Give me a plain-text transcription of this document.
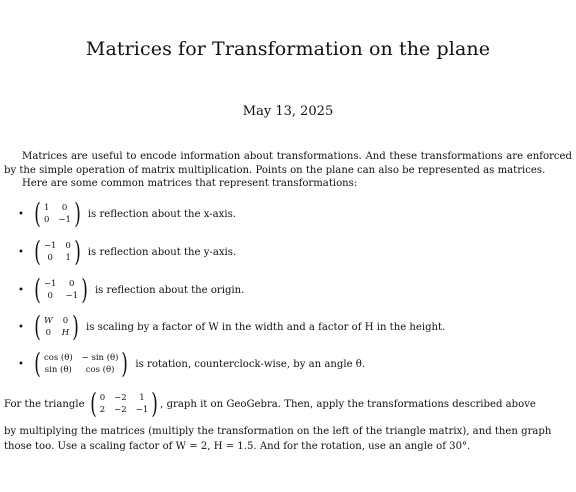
Matrices for Transformation on the plane
May 13, 2025
Matrices are useful to encode information about transformations. And these transformations are enforced by the simple operation of matrix multiplication. Points on the plane can also be represented as matrices.
Here are some common matrices that represent transformations:
• ( 1 0
0 −1 ) is reflection about the x-axis.
• ( −1 0
0 1 ) is reflection about the y-axis.
• ( −1 0
0 −1 ) is reflection about the origin.
• ( W 0
0 H ) is scaling by a factor of W in the width and a factor of H in the height.
• ( cos (θ) − sin (θ)
sin (θ) cos (θ) ) is rotation, counterclock-wise, by an angle θ.
For the triangle ( 0 −2 1
2 −2 −1 ) , graph it on GeoGebra. Then, apply the transformations described above
by multiplying the matrices (multiply the transformation on the left of the triangle matrix), and then graph those too. Use a scaling factor of W = 2, H = 1.5. And for the rotation, use an angle of 30°.
